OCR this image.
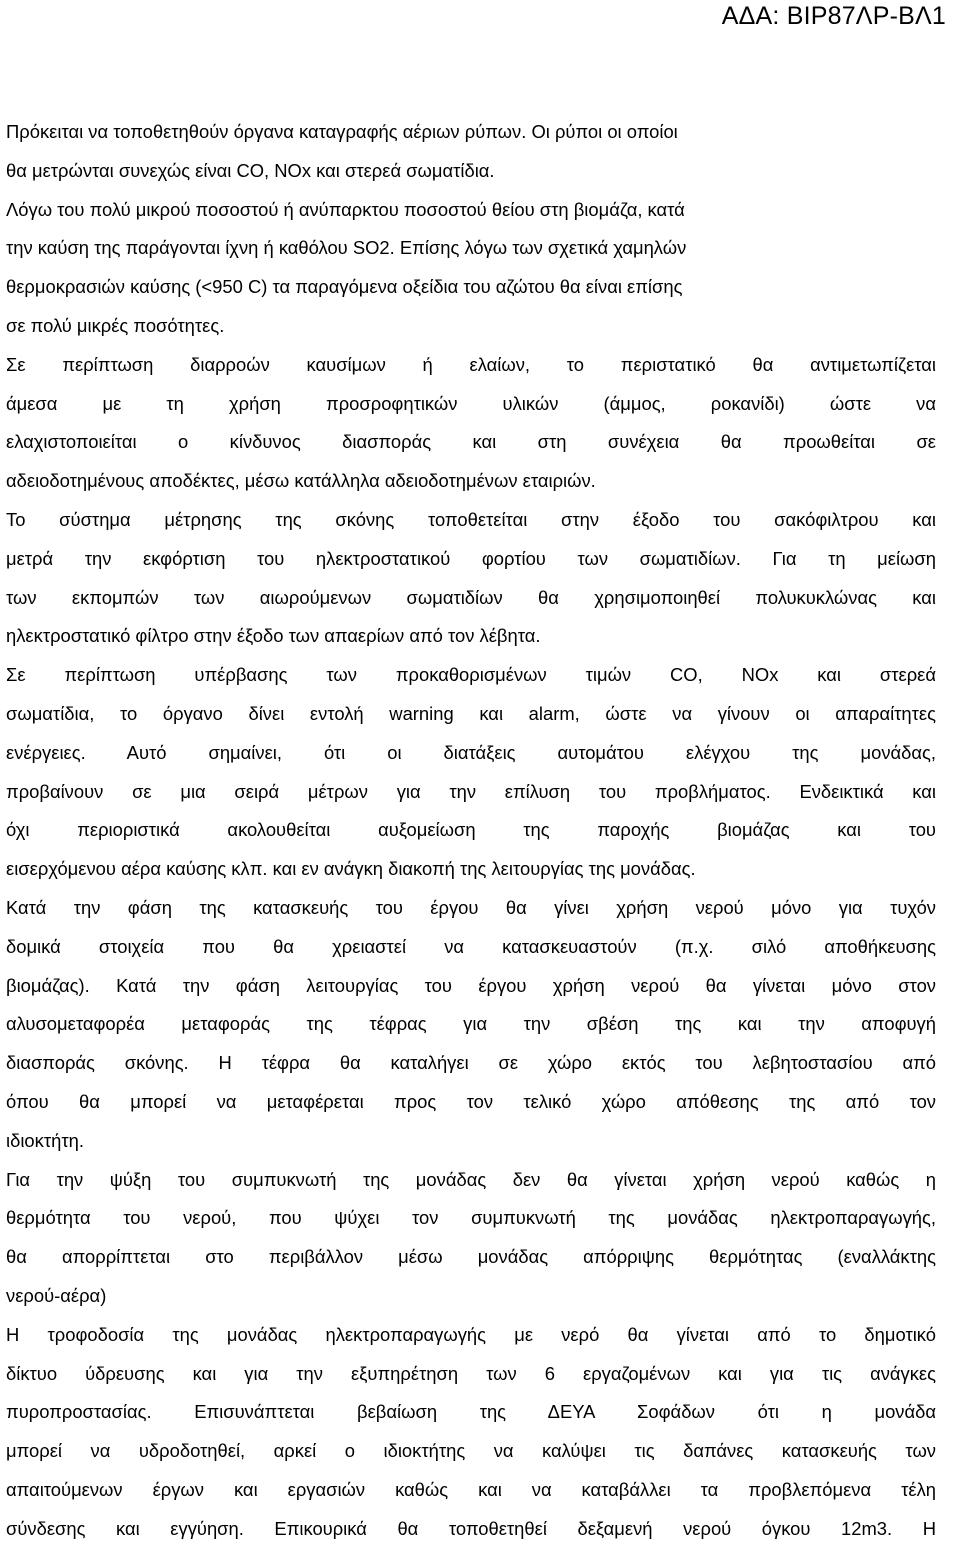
ΑΔΑ: ΒΙΡ87ΛΡ-ΒΛ1
Πρόκειται να τοποθετηθούν όργανα καταγραφής αέριων ρύπων. Οι ρύποι οι οποίοι
θα μετρώνται συνεχώς είναι CO, NOx και στερεά σωματίδια.
Λόγω του πολύ μικρού ποσοστού ή ανύπαρκτου ποσοστού θείου στη βιομάζα, κατά
την καύση της παράγονται ίχνη ή καθόλου SO2. Επίσης λόγω των σχετικά χαμηλών
θερμοκρασιών καύσης (<950 C) τα παραγόμενα οξείδια του αζώτου θα είναι επίσης
σε πολύ μικρές ποσότητες.
Σε περίπτωση διαρροών καυσίμων ή ελαίων, το περιστατικό θα αντιμετωπίζεται
άμεσα με τη χρήση προσροφητικών υλικών (άμμος, ροκανίδι) ώστε να
ελαχιστοποιείται ο κίνδυνος διασποράς και στη συνέχεια θα προωθείται σε
αδειοδοτημένους αποδέκτες, μέσω κατάλληλα αδειοδοτημένων εταιριών.
Το σύστημα μέτρησης της σκόνης τοποθετείται στην έξοδο του σακόφιλτρου και
μετρά την εκφόρτιση του ηλεκτροστατικού φορτίου των σωματιδίων. Για τη μείωση
των εκπομπών των αιωρούμενων σωματιδίων θα χρησιμοποιηθεί πολυκυκλώνας και
ηλεκτροστατικό φίλτρο στην έξοδο των απαερίων από τον λέβητα.
Σε περίπτωση υπέρβασης των προκαθορισμένων τιμών CO, NOx και στερεά
σωματίδια, το όργανο δίνει εντολή warning και alarm, ώστε να γίνουν οι απαραίτητες
ενέργειες. Αυτό σημαίνει, ότι οι διατάξεις αυτομάτου ελέγχου της μονάδας,
προβαίνουν σε μια σειρά μέτρων για την επίλυση του προβλήματος. Ενδεικτικά και
όχι περιοριστικά ακολουθείται αυξομείωση της παροχής βιομάζας και του
εισερχόμενου αέρα καύσης κλπ. και εν ανάγκη διακοπή της λειτουργίας της μονάδας.
Κατά την φάση της κατασκευής του έργου θα γίνει χρήση νερού μόνο για τυχόν
δομικά στοιχεία που θα χρειαστεί να κατασκευαστούν (π.χ. σιλό αποθήκευσης
βιομάζας). Κατά την φάση λειτουργίας του έργου χρήση νερού θα γίνεται μόνο στον
αλυσομεταφορέα μεταφοράς της τέφρας για την σβέση της και την αποφυγή
διασποράς σκόνης. Η τέφρα θα καταλήγει σε χώρο εκτός του λεβητοστασίου από
όπου θα μπορεί να μεταφέρεται προς τον τελικό χώρο απόθεσης της από τον
ιδιοκτήτη.
Για την ψύξη του συμπυκνωτή της μονάδας δεν θα γίνεται χρήση νερού καθώς η
θερμότητα του νερού, που ψύχει τον συμπυκνωτή της μονάδας ηλεκτροπαραγωγής,
θα απορρίπτεται στο περιβάλλον μέσω μονάδας απόρριψης θερμότητας (εναλλάκτης
νερού-αέρα)
Η τροφοδοσία της μονάδας ηλεκτροπαραγωγής με νερό θα γίνεται από το δημοτικό
δίκτυο ύδρευσης και για την εξυπηρέτηση των 6 εργαζομένων και για τις ανάγκες
πυροπροστασίας. Επισυνάπτεται βεβαίωση της ΔΕΥΑ Σοφάδων ότι η μονάδα
μπορεί να υδροδοτηθεί, αρκεί ο ιδιοκτήτης να καλύψει τις δαπάνες κατασκευής των
απαιτούμενων έργων και εργασιών καθώς και να καταβάλλει τα προβλεπόμενα τέλη
σύνδεσης και εγγύηση. Επικουρικά θα τοποθετηθεί δεξαμενή νερού όγκου 12m3. Η
